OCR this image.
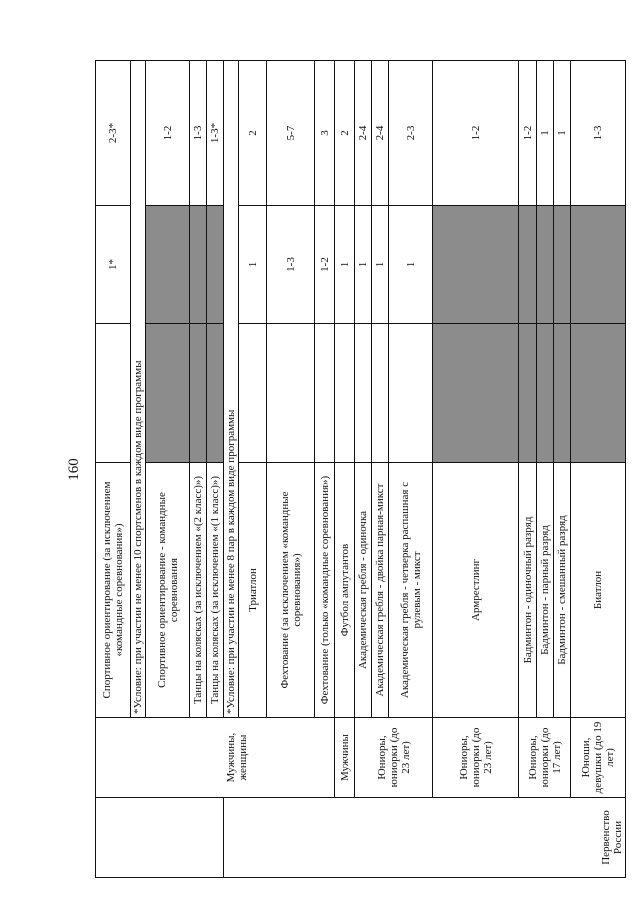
160
		Спортивное ориентирование (за исключением «командные соревнования»)		1*	2-3*
		*Условие: при участии не менее 10 спортсменов в каждом виде программы			
		Спортивное ориентирование - командные соревнования			1-2
		Танцы на колясках (за исключением «(2 класс)»)			1-3
		Танцы на колясках (за исключением «(1 класс)»)			1-3*
Первенство России	Мужчины, женщины	*Условие: при участии не менее 8 пар в каждом виде программы			
		Триатлон		1	2
		Фехтование (за исключением «командные соревнования»)		1-3	5-7
		Фехтование (только «командные соревнования»)		1-2	3
	Мужчины	Футбол ампутантов		1	2
	Юниоры, юниорки (до 23 лет)	Академическая гребля - одиночка		1	2-4
		Академическая гребля - двойка парная-микст		1	2-4
		Академическая гребля - четверка распашная с рулевым - микст		1	2-3
	Юниоры, юниорки (до 23 лет)	Армрестлинг			1-2
	Юниоры, юниорки (до 17 лет)	Бадминтон - одиночный разряд			1-2
		Бадминтон - парный разряд			1
		Бадминтон - смешанный разряд			1
	Юноши, девушки (до 19 лет)	Биатлон			1-3
